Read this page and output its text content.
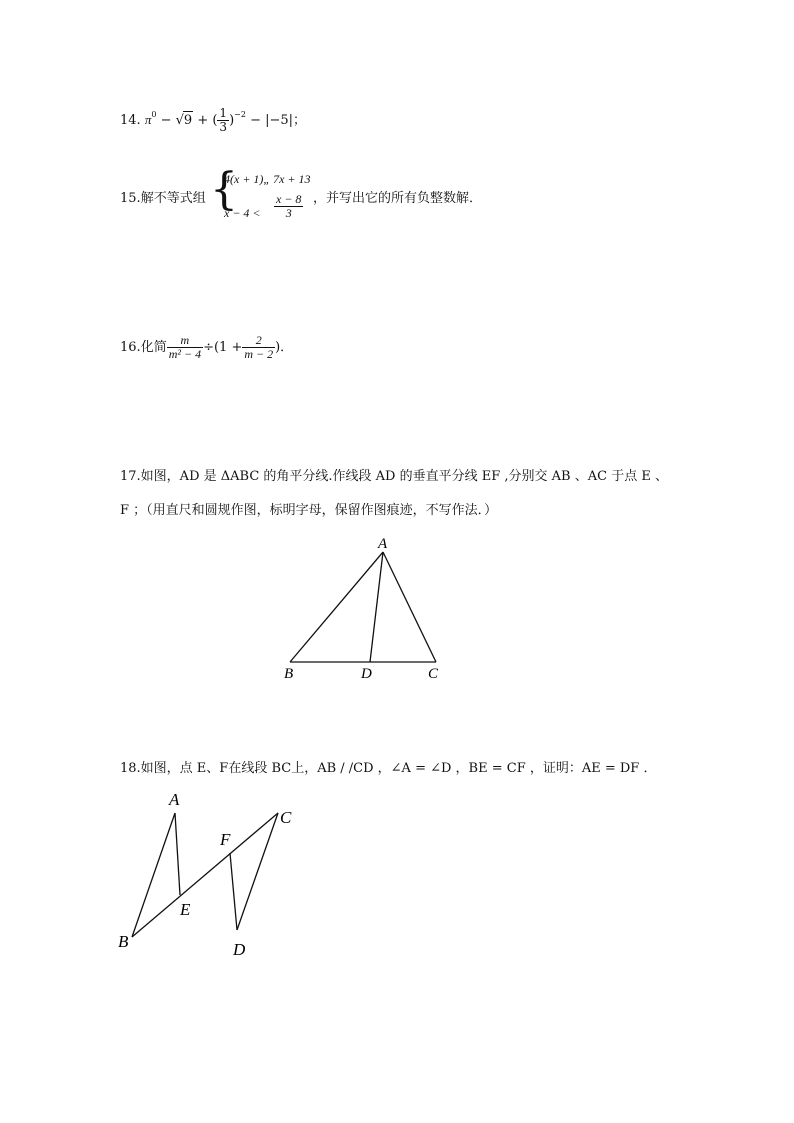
14. $\pi^0 - √9$ + ( $\frac{1}{3} )^{-2} - |-5|$；
15.解不等式组 {
4(x + 1)„ 7x + 13
$x - 4 < \frac{x - 8}{3}$ ，并写出它的所有负整数解．
16.化简 $\frac{m}{\text{m² − 4}} \div(1 + \frac{2}{m - 2}$ )．
17.如图，AD 是 ΔABC 的角平分线.作线段 AD 的垂直平分线 EF ,分别交 AB 、AC 于点 E 、
F ；（用直尺和圆规作图，标明字母，保留作图痕迹，不写作法．）
A
B	D	C
18.如图，点 E、F在线段 BC上，AB / /CD ，∠A = ∠D ，BE = CF ，证明：AE = DF ．
A
C
F
E
B	D
